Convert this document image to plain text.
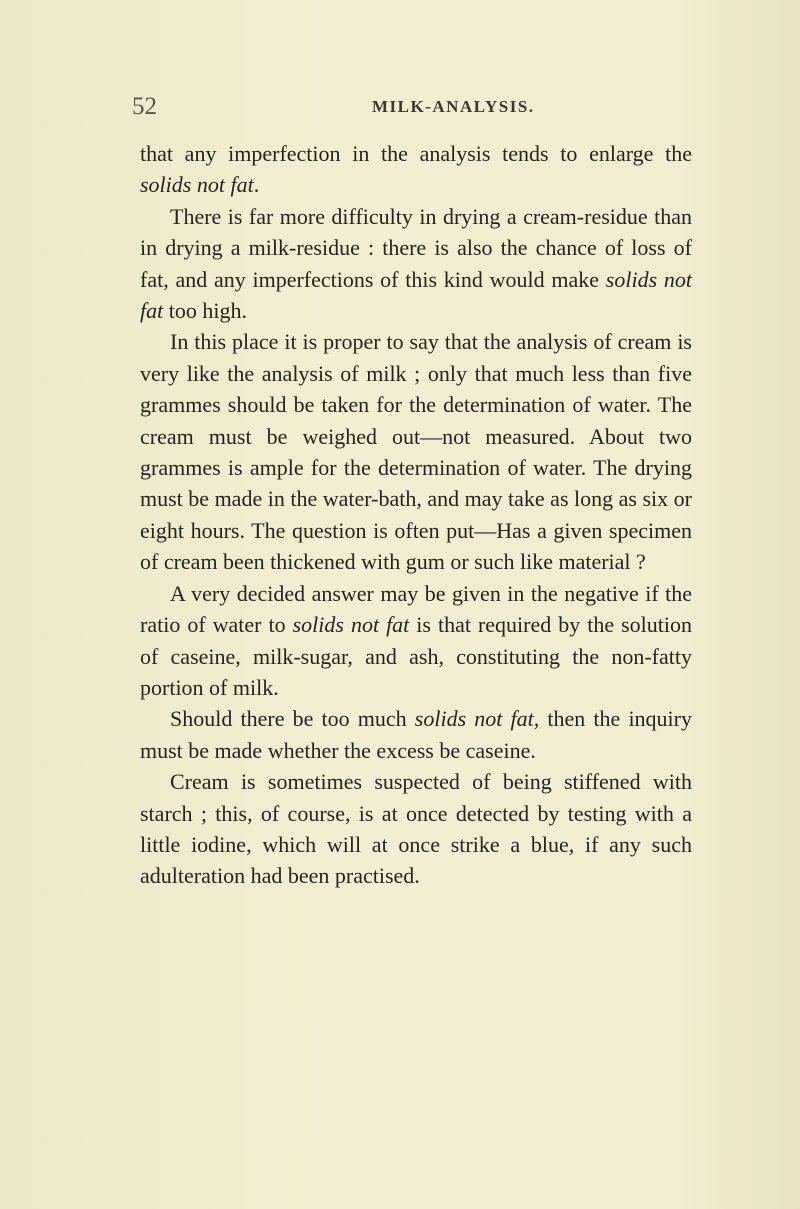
52	MILK-ANALYSIS.

that any imperfection in the analysis tends to enlarge the solids not fat.

There is far more difficulty in drying a cream-residue than in drying a milk-residue : there is also the chance of loss of fat, and any imperfections of this kind would make solids not fat too high.

In this place it is proper to say that the analysis of cream is very like the analysis of milk ; only that much less than five grammes should be taken for the determination of water. The cream must be weighed out—not measured. About two grammes is ample for the determination of water. The drying must be made in the water-bath, and may take as long as six or eight hours. The question is often put—Has a given specimen of cream been thickened with gum or such like material ?

A very decided answer may be given in the negative if the ratio of water to solids not fat is that required by the solution of caseine, milk-sugar, and ash, constituting the non-fatty portion of milk.

Should there be too much solids not fat, then the inquiry must be made whether the excess be caseine.

Cream is sometimes suspected of being stiffened with starch ; this, of course, is at once detected by testing with a little iodine, which will at once strike a blue, if any such adulteration had been practised.
